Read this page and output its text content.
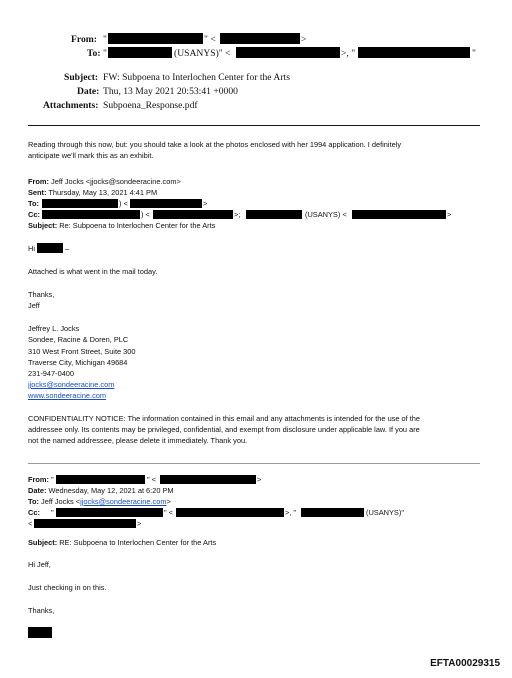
From: "	" <	>
To: "	(USANYS)" <	>, "	"
Subject: FW: Subpoena to Interlochen Center for the Arts
Date: Thu, 13 May 2021 20:53:41 +0000
Attachments: Subpoena_Response.pdf
Reading through this now, but: you should take a look at the photos enclosed with her 1994 application. I definitely
anticipate we'll mark this as an exhibit.
From: Jeff Jocks <jjocks@sondeeracine.com>
Sent: Thursday, May 13, 2021 4:41 PM
To:	) <	>
Cc:	) <	>;	(USANYS) <	>
Subject: Re: Subpoena to Interlochen Center for the Arts
Hi	–
Attached is what went in the mail today.
Thanks,
Jeff
Jeffrey L. Jocks
Sondee, Racine & Doren, PLC
310 West Front Street, Suite 300
Traverse City, Michigan 49684
231-947-0400
jjocks@sondeeracine.com
www.sondeeracine.com
CONFIDENTIALITY NOTICE: The information contained in this email and any attachments is intended for the use of the
addressee only. Its contents may be privileged, confidential, and exempt from disclosure under applicable law. If you are
not the named addressee, please delete it immediately. Thank you.
From: "	" <	>
Date: Wednesday, May 12, 2021 at 6:20 PM
To: Jeff Jocks <jjocks@sondeeracine.com>
Cc: "	" <	>, "	(USANYS)"
<	>
Subject: RE: Subpoena to Interlochen Center for the Arts
Hi Jeff,
Just checking in on this.
Thanks,
EFTA00029315
